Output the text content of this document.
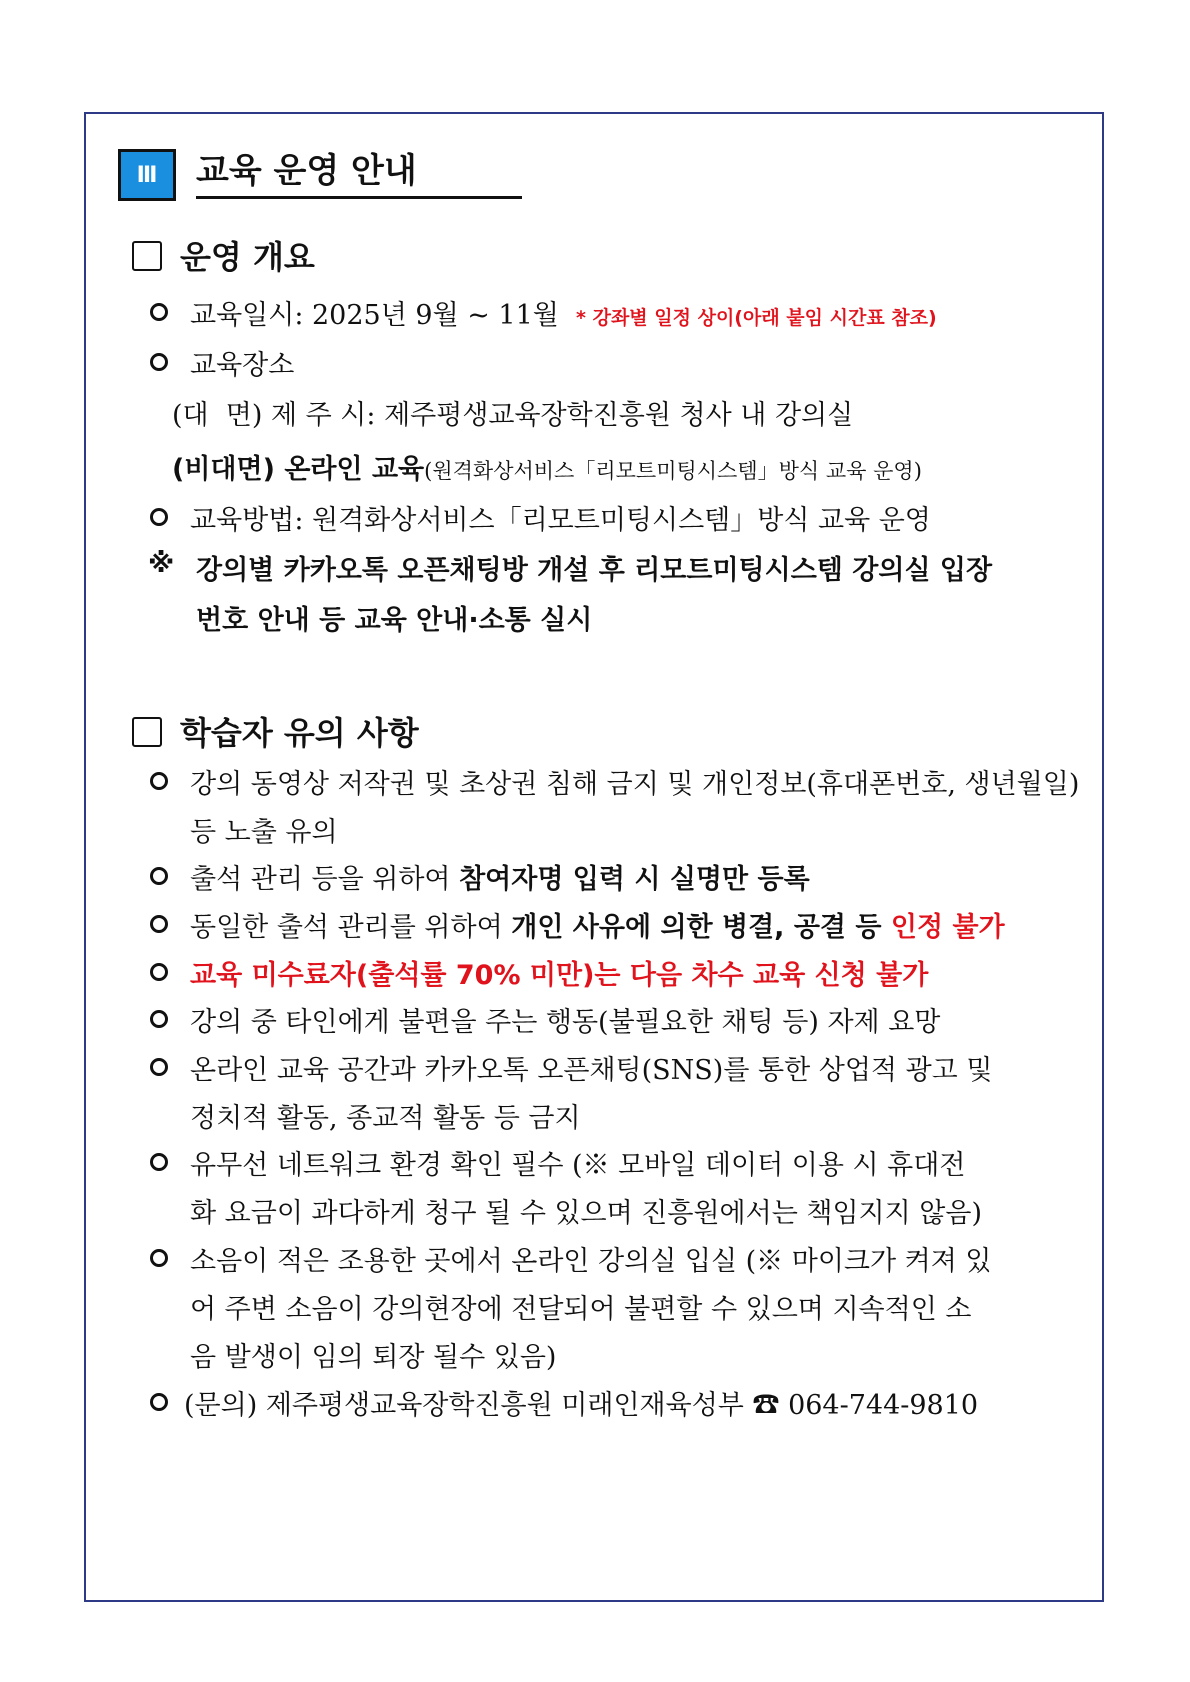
Ⅲ 교육 운영 안내
운영 개요
교육일시: 2025년 9월 ~ 11월 * 강좌별 일정 상이(아래 붙임 시간표 참조)
교육장소
(대  면) 제 주 시: 제주평생교육장학진흥원 청사 내 강의실
(비대면) 온라인 교육(원격화상서비스「리모트미팅시스템」방식 교육 운영)
교육방법: 원격화상서비스「리모트미팅시스템」방식 교육 운영
※ 강의별 카카오톡 오픈채팅방 개설 후 리모트미팅시스템 강의실 입장
번호 안내 등 교육 안내·소통 실시
학습자 유의 사항
강의 동영상 저작권 및 초상권 침해 금지 및 개인정보(휴대폰번호, 생년월일)
등 노출 유의
출석 관리 등을 위하여 참여자명 입력 시 실명만 등록
동일한 출석 관리를 위하여 개인 사유에 의한 병결, 공결 등 인정 불가
교육 미수료자(출석률 70% 미만)는 다음 차수 교육 신청 불가
강의 중 타인에게 불편을 주는 행동(불필요한 채팅 등) 자제 요망
온라인 교육 공간과 카카오톡 오픈채팅(SNS)를 통한 상업적 광고 및
정치적 활동, 종교적 활동 등 금지
유무선 네트워크 환경 확인 필수 (※ 모바일 데이터 이용 시 휴대전
화 요금이 과다하게 청구 될 수 있으며 진흥원에서는 책임지지 않음)
소음이 적은 조용한 곳에서 온라인 강의실 입실 (※ 마이크가 켜져 있
어 주변 소음이 강의현장에 전달되어 불편할 수 있으며 지속적인 소
음 발생이 임의 퇴장 될수 있음)
(문의) 제주평생교육장학진흥원 미래인재육성부 ☎ 064-744-9810
